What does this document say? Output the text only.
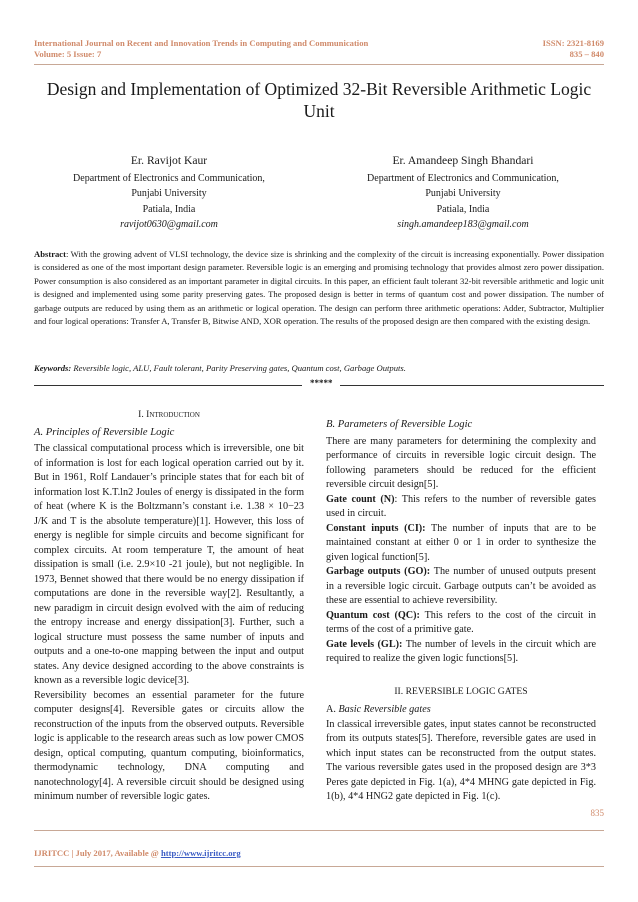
International Journal on Recent and Innovation Trends in Computing and Communication
Volume: 5 Issue: 7
ISSN: 2321-8169
835 – 840
Design and Implementation of Optimized 32-Bit Reversible Arithmetic Logic Unit
Er. Ravijot Kaur
Department of Electronics and Communication,
Punjabi University
Patiala, India
ravijot0630@gmail.com
Er. Amandeep Singh Bhandari
Department of Electronics and Communication,
Punjabi University
Patiala, India
singh.amandeep183@gmail.com
Abstract: With the growing advent of VLSI technology, the device size is shrinking and the complexity of the circuit is increasing exponentially. Power dissipation is considered as one of the most important design parameter. Reversible logic is an emerging and promising technology that provides almost zero power dissipation. Power consumption is also considered as an important parameter in digital circuits. In this paper, an efficient fault tolerant 32-bit reversible arithmetic and logic unit is designed and implemented using some parity preserving gates. The proposed design is better in terms of quantum cost and power dissipation. The number of garbage outputs are reduced by using them as an arithmetic or logical operation. The design can perform three arithmetic operations: Adder, Subtractor, Multiplier and four logical operations: Transfer A, Transfer B, Bitwise AND, XOR operation. The results of the proposed design are then compared with the existing design.
Keywords: Reversible logic, ALU, Fault tolerant, Parity Preserving gates, Quantum cost, Garbage Outputs.
*****
I. Introduction
A. Principles of Reversible Logic

The classical computational process which is irreversible, one bit of information is lost for each logical operation carried out by it. But in 1961, Rolf Landauer’s principle states that for each bit of information lost K.T.ln2 Joules of energy is dissipated in the form of heat (where K is the Boltzmann’s constant i.e. 1.38 × 10−23 J/K and T is the absolute temperature)[1]. However, this loss of energy is neglible for simple circuits and become significant for complex circuits. At room temperature T, the amount of heat dissipation is small (i.e. 2.9×10 -21 joule), but not negligible. In 1973, Bennet showed that there would be no energy dissipation if computations are done in the reversible way[2]. Resultantly, a new paradigm in circuit design evolved with the aim of reducing the entropy increase and energy dissipation[3]. Further, such a logical structure must possess the same number of inputs and outputs and a one-to-one mapping between the input and output states. Any device designed according to the above constraints is known as a reversible logic device[3].

Reversibility becomes an essential parameter for the future computer designs[4]. Reversible gates or circuits allow the reconstruction of the inputs from the observed outputs. Reversible logic is applicable to the research areas such as low power CMOS design, optical computing, quantum computing, bioinformatics, thermodynamic technology, DNA computing and nanotechnology[4]. A reversible circuit should be designed using minimum number of reversible logic gates.

B. Parameters of Reversible Logic

There are many parameters for determining the complexity and performance of circuits in reversible logic circuit design. The following parameters should be reduced for the efficient reversible circuit design[5].

Gate count (N): This refers to the number of reversible gates used in circuit.

Constant inputs (CI): The number of inputs that are to be maintained constant at either 0 or 1 in order to synthesize the given logical function[5].

Garbage outputs (GO): The number of unused outputs present in a reversible logic circuit. Garbage outputs can’t be avoided as these are essential to achieve reversibility.

Quantum cost (QC): This refers to the cost of the circuit in terms of the cost of a primitive gate.

Gate levels (GL): The number of levels in the circuit which are required to realize the given logic functions[5].

II. REVERSIBLE LOGIC GATES
A. Basic Reversible gates

In classical irreversible gates, input states cannot be reconstructed from its outputs states[5]. Therefore, reversible gates are used in which input states can be reconstructed from the output states. The various reversible gates used in the proposed design are 3*3 Peres gate depicted in Fig. 1(a), 4*4 MHNG gate depicted in Fig. 1(b), 4*4 HNG2 gate depicted in Fig. 1(c).

835
IJRITCC | July 2017, Available @ http://www.ijritcc.org
